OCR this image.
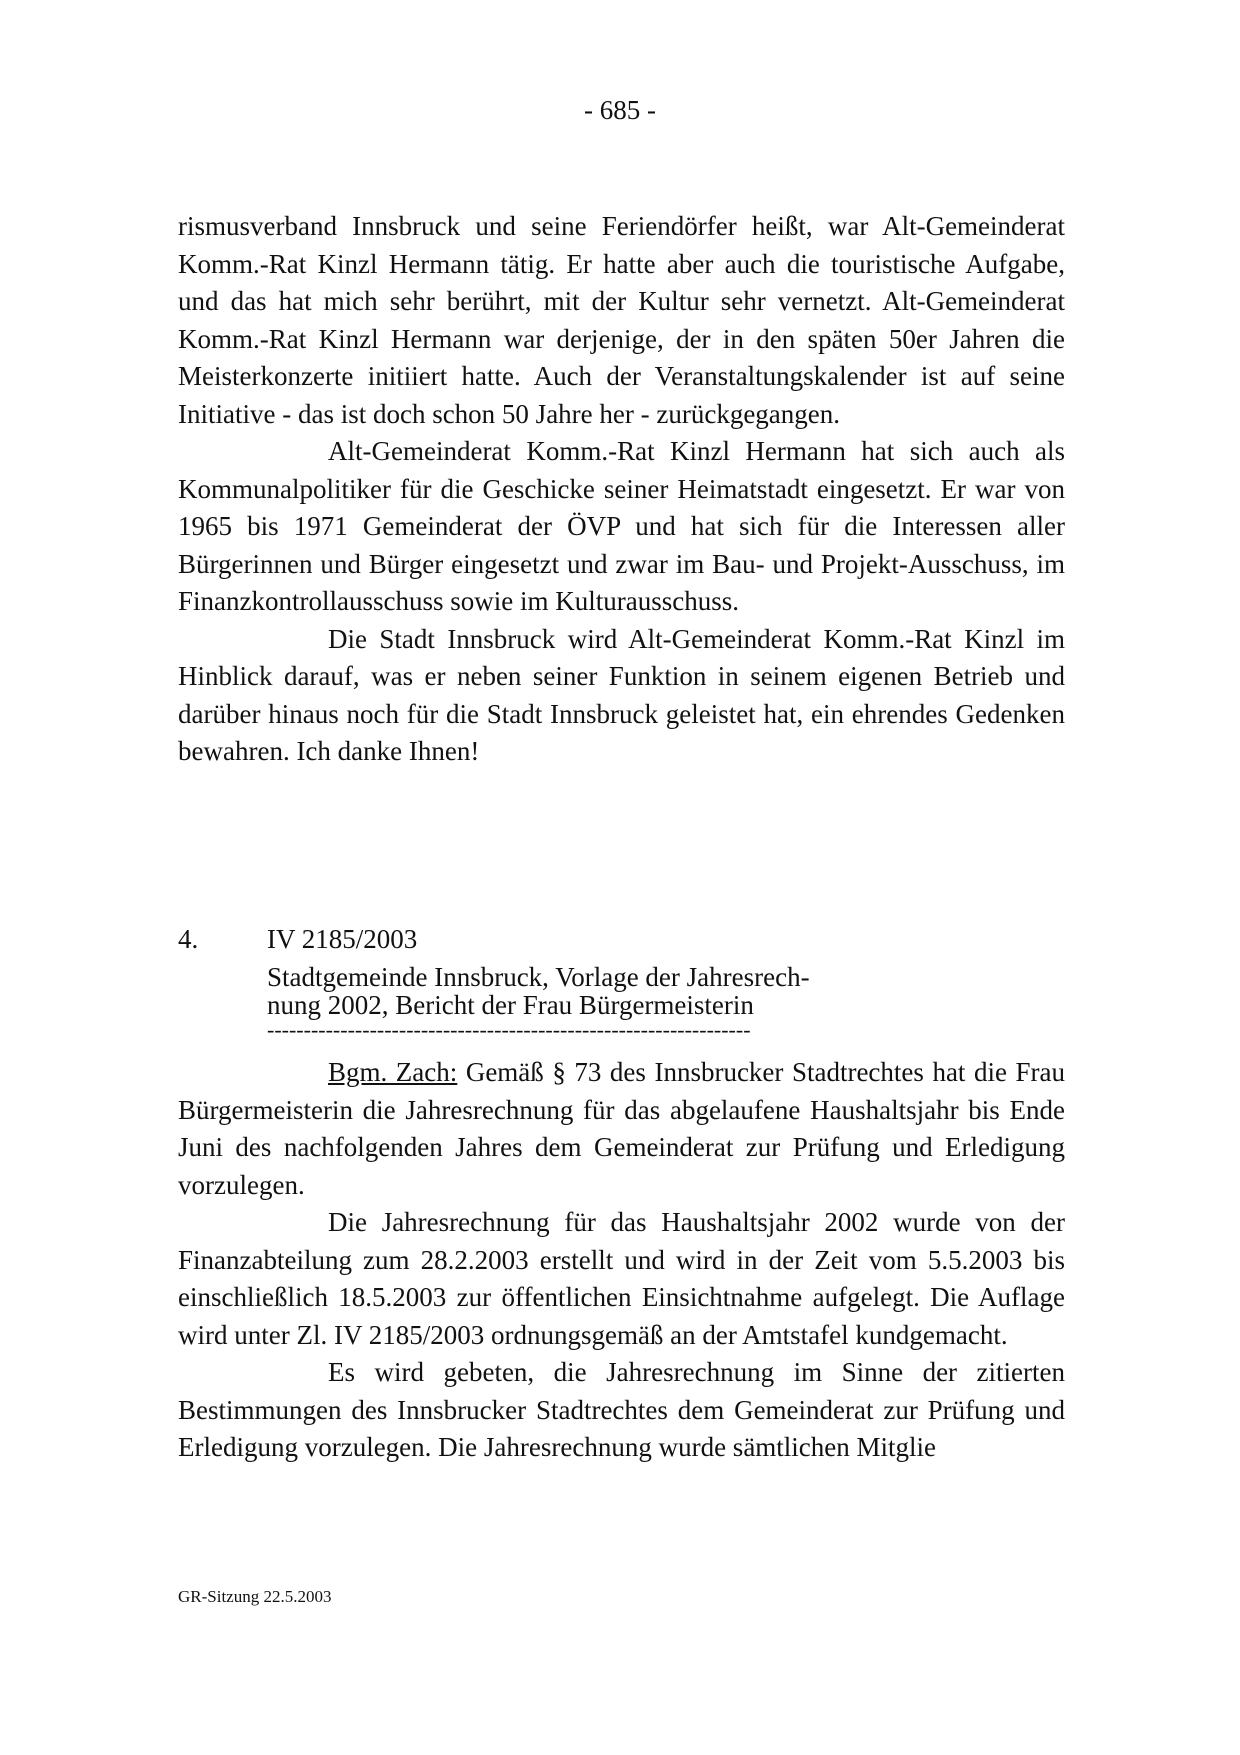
- 685 -

rismusverband Innsbruck und seine Feriendörfer heißt, war Alt-Gemeinderat Komm.-Rat Kinzl Hermann tätig. Er hatte aber auch die touristische Aufgabe, und das hat mich sehr berührt, mit der Kultur sehr vernetzt. Alt-Gemeinderat Komm.-Rat Kinzl Hermann war derjenige, der in den späten 50er Jahren die Meisterkonzerte initiiert hatte. Auch der Veranstaltungskalender ist auf seine Initiative - das ist doch schon 50 Jahre her - zurückgegangen.

Alt-Gemeinderat Komm.-Rat Kinzl Hermann hat sich auch als Kommunalpolitiker für die Geschicke seiner Heimatstadt eingesetzt. Er war von 1965 bis 1971 Gemeinderat der ÖVP und hat sich für die Interessen aller Bürgerinnen und Bürger eingesetzt und zwar im Bau- und Projekt-Ausschuss, im Finanzkontrollausschuss sowie im Kulturausschuss.

Die Stadt Innsbruck wird Alt-Gemeinderat Komm.-Rat Kinzl im Hinblick darauf, was er neben seiner Funktion in seinem eigenen Betrieb und darüber hinaus noch für die Stadt Innsbruck geleistet hat, ein ehrendes Gedenken bewahren. Ich danke Ihnen!

4.	IV 2185/2003
Stadtgemeinde Innsbruck, Vorlage der Jahresrech-
nung 2002, Bericht der Frau Bürgermeisterin
------------------------------------------------------------------

Bgm. Zach: Gemäß § 73 des Innsbrucker Stadtrechtes hat die Frau Bürgermeisterin die Jahresrechnung für das abgelaufene Haushaltsjahr bis Ende Juni des nachfolgenden Jahres dem Gemeinderat zur Prüfung und Erledigung vorzulegen.

Die Jahresrechnung für das Haushaltsjahr 2002 wurde von der Finanzabteilung zum 28.2.2003 erstellt und wird in der Zeit vom 5.5.2003 bis einschließlich 18.5.2003 zur öffentlichen Einsichtnahme aufgelegt. Die Auflage wird unter Zl. IV 2185/2003 ordnungsgemäß an der Amtstafel kundgemacht.

Es wird gebeten, die Jahresrechnung im Sinne der zitierten Bestimmungen des Innsbrucker Stadtrechtes dem Gemeinderat zur Prüfung und Erledigung vorzulegen. Die Jahresrechnung wurde sämtlichen Mitglie

GR-Sitzung 22.5.2003
